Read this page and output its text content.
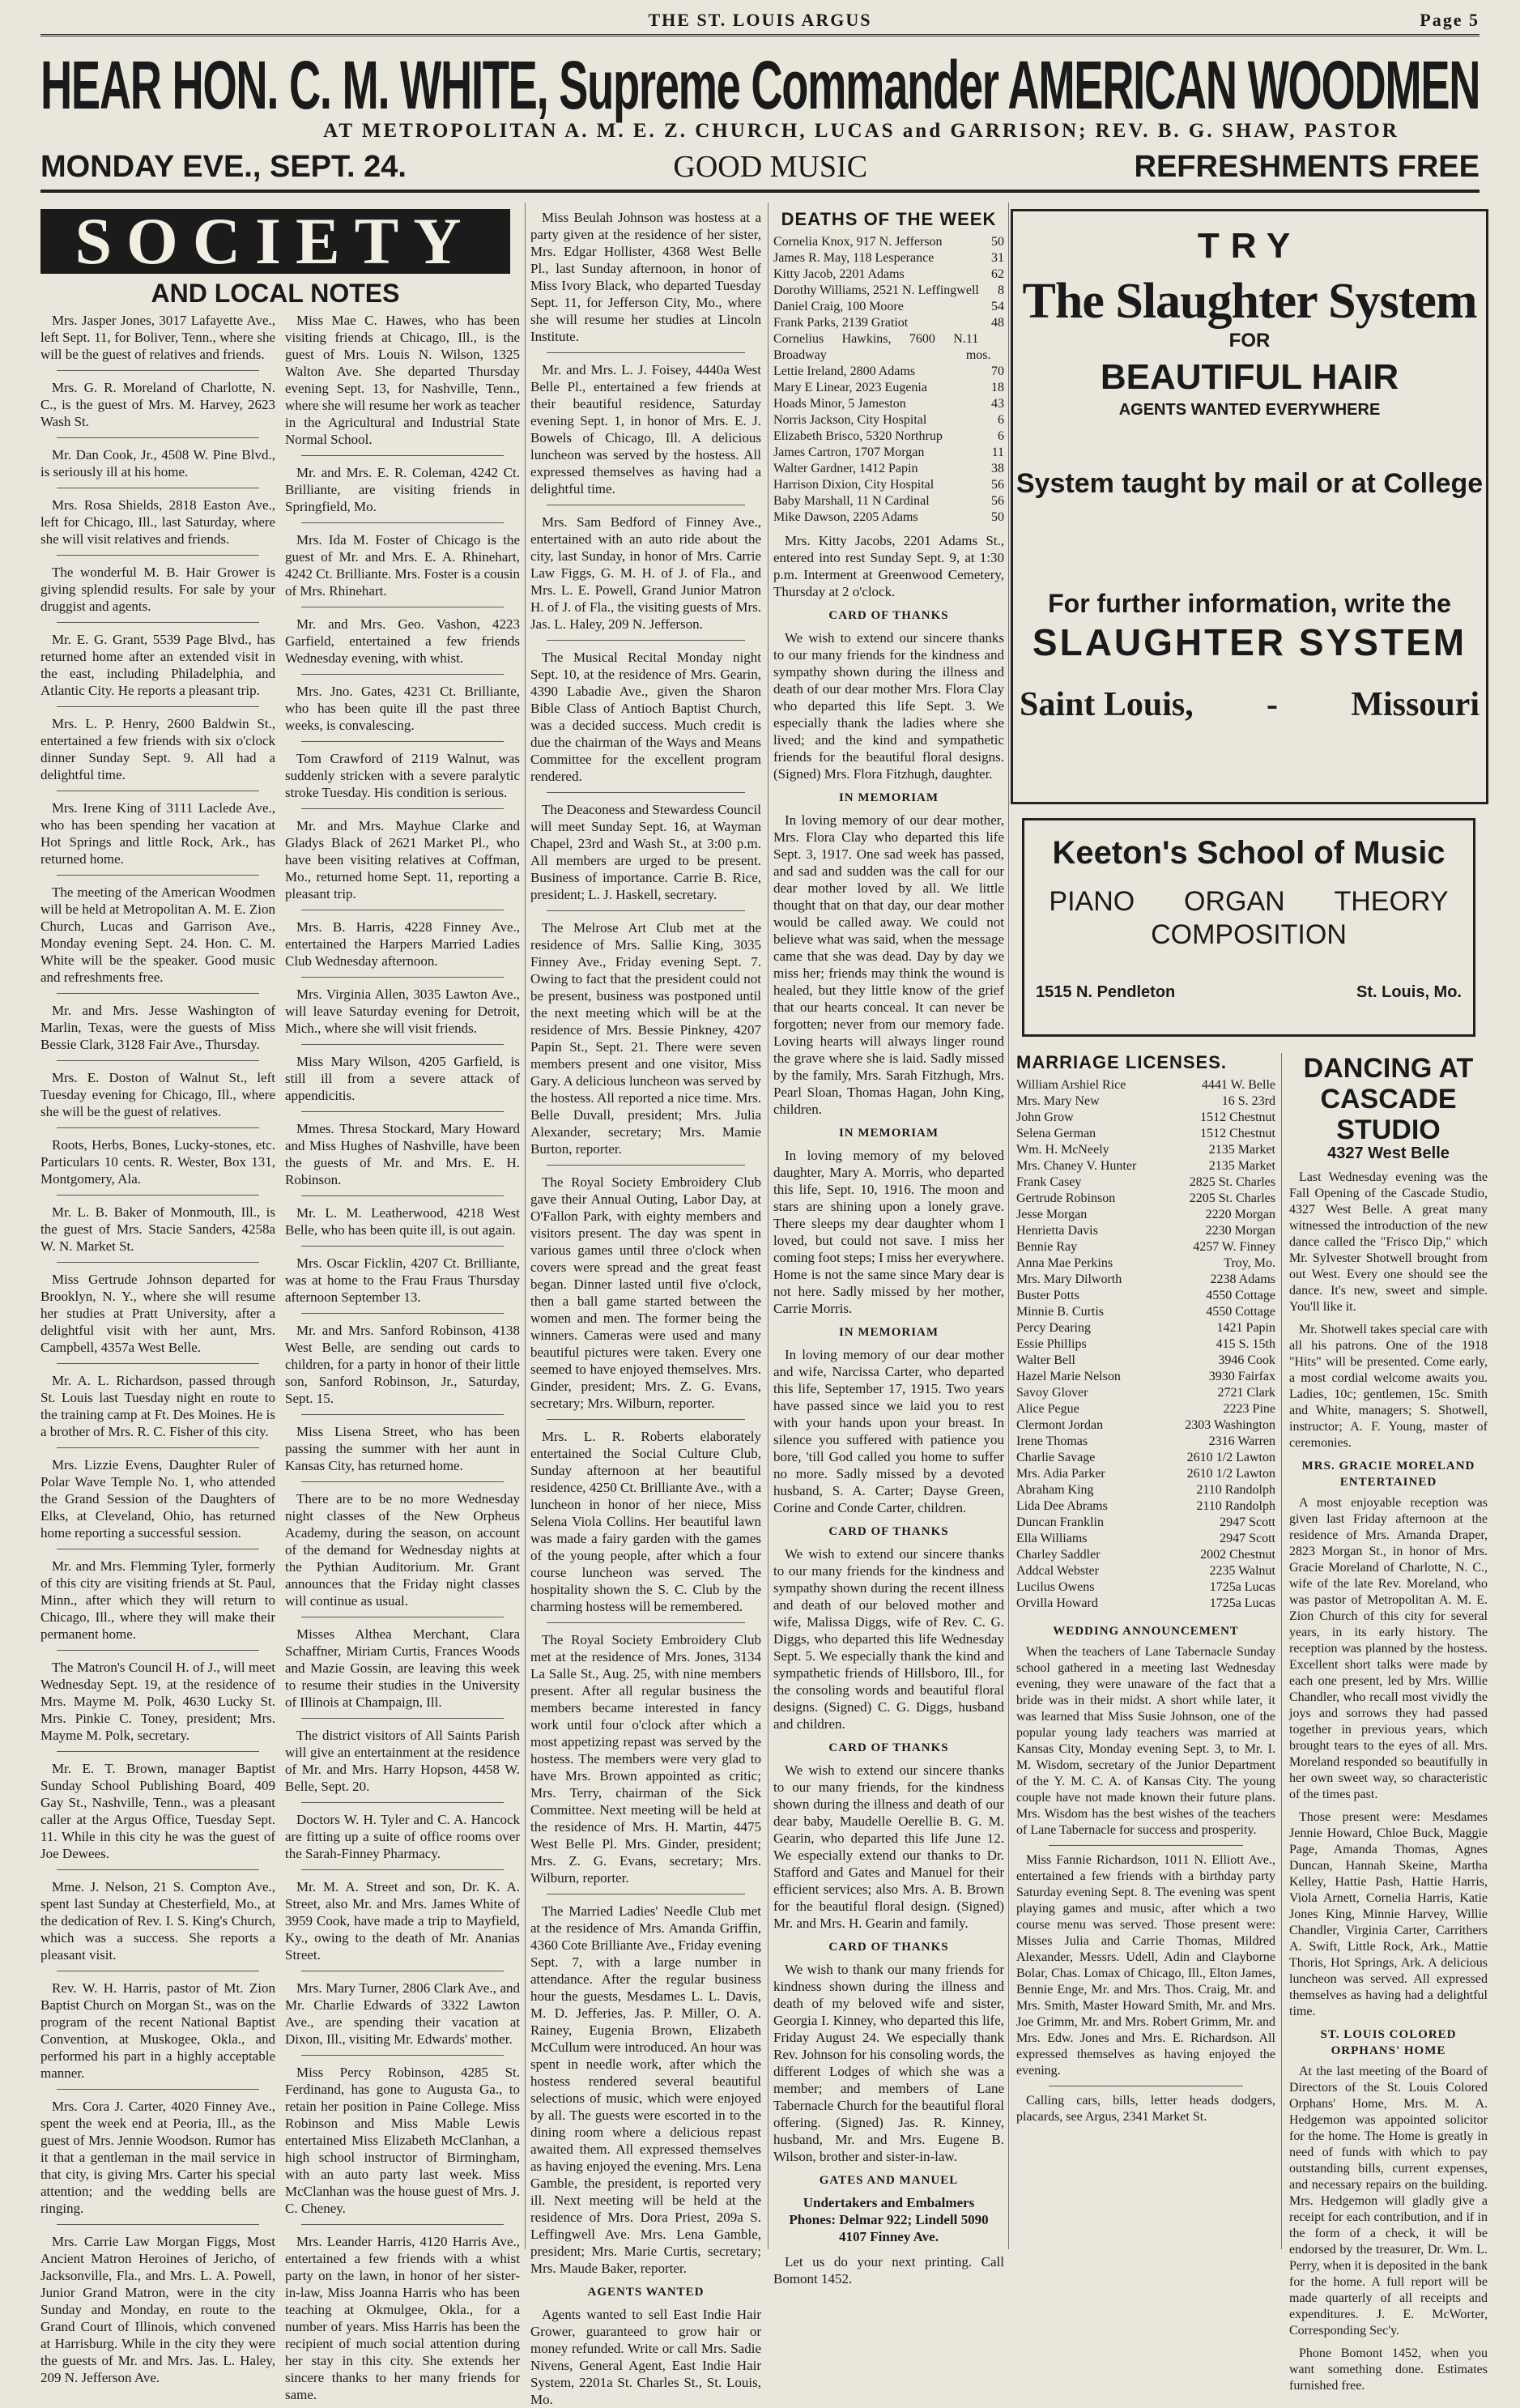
THE ST. LOUIS ARGUS	Page 5
HEAR HON. C. M. WHITE, Supreme Commander AMERICAN WOODMEN
AT METROPOLITAN A. M. E. Z. CHURCH, LUCAS and GARRISON; REV. B. G. SHAW, PASTOR
MONDAY EVE., SEPT. 24.	GOOD MUSIC	REFRESHMENTS FREE
SOCIETY
AND LOCAL NOTES

Mrs. Jasper Jones, 3017 Lafayette Ave., left Sept. 11, for Boliver, Tenn., where she will be the guest of relatives and friends.

Mrs. G. R. Moreland of Charlotte, N. C., is the guest of Mrs. M. Harvey, 2623 Wash St.

Mr. Dan Cook, Jr., 4508 W. Pine Blvd., is seriously ill at his home.

Mrs. Rosa Shields, 2818 Easton Ave., left for Chicago, Ill., last Saturday, where she will visit relatives and friends.

The wonderful M. B. Hair Grower is giving splendid results. For sale by your druggist and agents.

Mr. E. G. Grant, 5539 Page Blvd., has returned home after an extended visit in the east, including Philadelphia, and Atlantic City. He reports a pleasant trip.

Mrs. L. P. Henry, 2600 Baldwin St., entertained a few friends with six o'clock dinner Sunday Sept. 9. All had a delightful time.

Mrs. Irene King of 3111 Laclede Ave., who has been spending her vacation at Hot Springs and little Rock, Ark., has returned home.

The meeting of the American Woodmen will be held at Metropolitan A. M. E. Zion Church, Lucas and Garrison Ave., Monday evening Sept. 24. Hon. C. M. White will be the speaker. Good music and refreshments free.

Mr. and Mrs. Jesse Washington of Marlin, Texas, were the guests of Miss Bessie Clark, 3128 Fair Ave., Thursday.

Mrs. E. Doston of Walnut St., left Tuesday evening for Chicago, Ill., where she will be the guest of relatives.

Roots, Herbs, Bones, Lucky-stones, etc. Particulars 10 cents. R. Wester, Box 131, Montgomery, Ala.

Mr. L. B. Baker of Monmouth, Ill., is the guest of Mrs. Stacie Sanders, 4258a W. N. Market St.

Miss Gertrude Johnson departed for Brooklyn, N. Y., where she will resume her studies at Pratt University, after a delightful visit with her aunt, Mrs. Campbell, 4357a West Belle.

Mr. A. L. Richardson, passed through St. Louis last Tuesday night en route to the training camp at Ft. Des Moines. He is a brother of Mrs. R. C. Fisher of this city.

Mrs. Lizzie Evens, Daughter Ruler of Polar Wave Temple No. 1, who attended the Grand Session of the Daughters of Elks, at Cleveland, Ohio, has returned home reporting a successful session.

Mr. and Mrs. Flemming Tyler, formerly of this city are visiting friends at St. Paul, Minn., after which they will return to Chicago, Ill., where they will make their permanent home.

The Matron's Council H. of J., will meet Wednesday Sept. 19, at the residence of Mrs. Mayme M. Polk, 4630 Lucky St. Mrs. Pinkie C. Toney, president; Mrs. Mayme M. Polk, secretary.

Mr. E. T. Brown, manager Baptist Sunday School Publishing Board, 409 Gay St., Nashville, Tenn., was a pleasant caller at the Argus Office, Tuesday Sept. 11. While in this city he was the guest of Joe Dewees.

Mme. J. Nelson, 21 S. Compton Ave., spent last Sunday at Chesterfield, Mo., at the dedication of Rev. I. S. King's Church, which was a success. She reports a pleasant visit.

Rev. W. H. Harris, pastor of Mt. Zion Baptist Church on Morgan St., was on the program of the recent National Baptist Convention, at Muskogee, Okla., and performed his part in a highly acceptable manner.

Mrs. Cora J. Carter, 4020 Finney Ave., spent the week end at Peoria, Ill., as the guest of Mrs. Jennie Woodson. Rumor has it that a gentleman in the mail service in that city, is giving Mrs. Carter his special attention; and the wedding bells are ringing.

Mrs. Carrie Law Morgan Figgs, Most Ancient Matron Heroines of Jericho, of Jacksonville, Fla., and Mrs. L. A. Powell, Junior Grand Matron, were in the city Sunday and Monday, en route to the Grand Court of Illinois, which convened at Harrisburg. While in the city they were the guests of Mr. and Mrs. Jas. L. Haley, 209 N. Jefferson Ave.

Miss Mae C. Hawes, who has been visiting friends at Chicago, Ill., is the guest of Mrs. Louis N. Wilson, 1325 Walton Ave. She departed Thursday evening Sept. 13, for Nashville, Tenn., where she will resume her work as teacher in the Agricultural and Industrial State Normal School.

Mr. and Mrs. E. R. Coleman, 4242 Ct. Brilliante, are visiting friends in Springfield, Mo.

Mrs. Ida M. Foster of Chicago is the guest of Mr. and Mrs. E. A. Rhinehart, 4242 Ct. Brilliante. Mrs. Foster is a cousin of Mrs. Rhinehart.

Mr. and Mrs. Geo. Vashon, 4223 Garfield, entertained a few friends Wednesday evening, with whist.

Mrs. Jno. Gates, 4231 Ct. Brilliante, who has been quite ill the past three weeks, is convalescing.

Tom Crawford of 2119 Walnut, was suddenly stricken with a severe paralytic stroke Tuesday. His condition is serious.

Mr. and Mrs. Mayhue Clarke and Gladys Black of 2621 Market Pl., who have been visiting relatives at Coffman, Mo., returned home Sept. 11, reporting a pleasant trip.

Mrs. B. Harris, 4228 Finney Ave., entertained the Harpers Married Ladies Club Wednesday afternoon.

Mrs. Virginia Allen, 3035 Lawton Ave., will leave Saturday evening for Detroit, Mich., where she will visit friends.

Miss Mary Wilson, 4205 Garfield, is still ill from a severe attack of appendicitis.

Mmes. Thresa Stockard, Mary Howard and Miss Hughes of Nashville, have been the guests of Mr. and Mrs. E. H. Robinson.

Mr. L. M. Leatherwood, 4218 West Belle, who has been quite ill, is out again.

Mrs. Oscar Ficklin, 4207 Ct. Brilliante, was at home to the Frau Fraus Thursday afternoon September 13.

Mr. and Mrs. Sanford Robinson, 4138 West Belle, are sending out cards to children, for a party in honor of their little son, Sanford Robinson, Jr., Saturday, Sept. 15.

Miss Lisena Street, who has been passing the summer with her aunt in Kansas City, has returned home.

There are to be no more Wednesday night classes of the New Orpheus Academy, during the season, on account of the demand for Wednesday nights at the Pythian Auditorium. Mr. Grant announces that the Friday night classes will continue as usual.

Misses Althea Merchant, Clara Schaffner, Miriam Curtis, Frances Woods and Mazie Gossin, are leaving this week to resume their studies in the University of Illinois at Champaign, Ill.

The district visitors of All Saints Parish will give an entertainment at the residence of Mr. and Mrs. Harry Hopson, 4458 W. Belle, Sept. 20.

Doctors W. H. Tyler and C. A. Hancock are fitting up a suite of office rooms over the Sarah-Finney Pharmacy.

Mr. M. A. Street and son, Dr. K. A. Street, also Mr. and Mrs. James White of 3959 Cook, have made a trip to Mayfield, Ky., owing to the death of Mr. Ananias Street.

Mrs. Mary Turner, 2806 Clark Ave., and Mr. Charlie Edwards of 3322 Lawton Ave., are spending their vacation at Dixon, Ill., visiting Mr. Edwards' mother.

Miss Percy Robinson, 4285 St. Ferdinand, has gone to Augusta Ga., to retain her position in Paine College. Miss Robinson and Miss Mable Lewis entertained Miss Elizabeth McClanhan, a high school instructor of Birmingham, with an auto party last week. Miss McClanhan was the house guest of Mrs. J. C. Cheney.

Mrs. Leander Harris, 4120 Harris Ave., entertained a few friends with a whist party on the lawn, in honor of her sister-in-law, Miss Joanna Harris who has been teaching at Okmulgee, Okla., for a number of years. Miss Harris has been the recipient of much social attention during her stay in this city. She extends her sincere thanks to her many friends for same.

Miss Beulah Johnson was hostess at a party given at the residence of her sister, Mrs. Edgar Hollister, 4368 West Belle Pl., last Sunday afternoon, in honor of Miss Ivory Black, who departed Tuesday Sept. 11, for Jefferson City, Mo., where she will resume her studies at Lincoln Institute.

Mr. and Mrs. L. J. Foisey, 4440a West Belle Pl., entertained a few friends at their beautiful residence, Saturday evening Sept. 1, in honor of Mrs. E. J. Bowels of Chicago, Ill. A delicious luncheon was served by the hostess. All expressed themselves as having had a delightful time.

Mrs. Sam Bedford of Finney Ave., entertained with an auto ride about the city, last Sunday, in honor of Mrs. Carrie Law Figgs, G. M. H. of J. of Fla., and Mrs. L. E. Powell, Grand Junior Matron H. of J. of Fla., the visiting guests of Mrs. Jas. L. Haley, 209 N. Jefferson.

The Musical Recital Monday night Sept. 10, at the residence of Mrs. Gearin, 4390 Labadie Ave., given the Sharon Bible Class of Antioch Baptist Church, was a decided success. Much credit is due the chairman of the Ways and Means Committee for the excellent program rendered.

The Deaconess and Stewardess Council will meet Sunday Sept. 16, at Wayman Chapel, 23rd and Wash St., at 3:00 p.m. All members are urged to be present. Business of importance. Carrie B. Rice, president; L. J. Haskell, secretary.

The Melrose Art Club met at the residence of Mrs. Sallie King, 3035 Finney Ave., Friday evening Sept. 7. Owing to fact that the president could not be present, business was postponed until the next meeting which will be at the residence of Mrs. Bessie Pinkney, 4207 Papin St., Sept. 21. There were seven members present and one visitor, Miss Gary. A delicious luncheon was served by the hostess. All reported a nice time. Mrs. Belle Duvall, president; Mrs. Julia Alexander, secretary; Mrs. Mamie Burton, reporter.

The Royal Society Embroidery Club gave their Annual Outing, Labor Day, at O'Fallon Park, with eighty members and visitors present. The day was spent in various games until three o'clock when covers were spread and the great feast began. Dinner lasted until five o'clock, then a ball game started between the women and men. The former being the winners. Cameras were used and many beautiful pictures were taken. Every one seemed to have enjoyed themselves. Mrs. Ginder, president; Mrs. Z. G. Evans, secretary; Mrs. Wilburn, reporter.

Mrs. L. R. Roberts elaborately entertained the Social Culture Club, Sunday afternoon at her beautiful residence, 4250 Ct. Brilliante Ave., with a luncheon in honor of her niece, Miss Selena Viola Collins. Her beautiful lawn was made a fairy garden with the games of the young people, after which a four course luncheon was served. The hospitality shown the S. C. Club by the charming hostess will be remembered.

The Royal Society Embroidery Club met at the residence of Mrs. Jones, 3134 La Salle St., Aug. 25, with nine members present. After all regular business the members became interested in fancy work until four o'clock after which a most appetizing repast was served by the hostess. The members were very glad to have Mrs. Brown appointed as critic; Mrs. Terry, chairman of the Sick Committee. Next meeting will be held at the residence of Mrs. H. Martin, 4475 West Belle Pl. Mrs. Ginder, president; Mrs. Z. G. Evans, secretary; Mrs. Wilburn, reporter.

The Married Ladies' Needle Club met at the residence of Mrs. Amanda Griffin, 4360 Cote Brilliante Ave., Friday evening Sept. 7, with a large number in attendance. After the regular business hour the guests, Mesdames L. L. Davis, M. D. Jefferies, Jas. P. Miller, O. A. Rainey, Eugenia Brown, Elizabeth McCullum were introduced. An hour was spent in needle work, after which the hostess rendered several beautiful selections of music, which were enjoyed by all. The guests were escorted in to the dining room where a delicious repast awaited them. All expressed themselves as having enjoyed the evening. Mrs. Lena Gamble, the president, is reported very ill. Next meeting will be held at the residence of Mrs. Dora Priest, 209a S. Leffingwell Ave. Mrs. Lena Gamble, president; Mrs. Marie Curtis, secretary; Mrs. Maude Baker, reporter.

AGENTS WANTED

Agents wanted to sell East Indie Hair Grower, guaranteed to grow hair or money refunded. Write or call Mrs. Sadie Nivens, General Agent, East Indie Hair System, 2201a St. Charles St., St. Louis, Mo.

DEATHS OF THE WEEK
Cornelia Knox, 917 N. Jefferson	50
James R. May, 118 Lesperance	31
Kitty Jacob, 2201 Adams	62
Dorothy Williams, 2521 N. Leffingwell 8
Daniel Craig, 100 Moore	54
Frank Parks, 2139 Gratiot	48
Cornelius Hawkins, 7600 N. Broadway
11 mos.
Lettie Ireland, 2800 Adams	70
Mary E Linear, 2023 Eugenia	18
Hoads Minor, 5 Jameston	43
Norris Jackson, City Hospital	6
Elizabeth Brisco, 5320 Northrup	6
James Cartron, 1707 Morgan	11
Walter Gardner, 1412 Papin	38
Harrison Dixion, City Hospital	56
Baby Marshall, 11 N Cardinal	56
Mike Dawson, 2205 Adams	50

Mrs. Kitty Jacobs, 2201 Adams St., entered into rest Sunday Sept. 9, at 1:30 p.m. Interment at Greenwood Cemetery, Thursday at 2 o'clock.

CARD OF THANKS

We wish to extend our sincere thanks to our many friends for the kindness and sympathy shown during the illness and death of our dear mother Mrs. Flora Clay who departed this life Sept. 3. We especially thank the ladies where she lived; and the kind and sympathetic friends for the beautiful floral designs. (Signed) Mrs. Flora Fitzhugh, daughter.

IN MEMORIAM

In loving memory of our dear mother, Mrs. Flora Clay who departed this life Sept. 3, 1917. One sad week has passed, and sad and sudden was the call for our dear mother loved by all. We little thought that on that day, our dear mother would be called away. We could not believe what was said, when the message came that she was dead. Day by day we miss her; friends may think the wound is healed, but they little know of the grief that our hearts conceal. It can never be forgotten; never from our memory fade. Loving hearts will always linger round the grave where she is laid. Sadly missed by the family, Mrs. Sarah Fitzhugh, Mrs. Pearl Sloan, Thomas Hagan, John King, children.

IN MEMORIAM

In loving memory of my beloved daughter, Mary A. Morris, who departed this life, Sept. 10, 1916. The moon and stars are shining upon a lonely grave. There sleeps my dear daughter whom I loved, but could not save. I miss her coming foot steps; I miss her everywhere. Home is not the same since Mary dear is not here. Sadly missed by her mother, Carrie Morris.

IN MEMORIAM

In loving memory of our dear mother and wife, Narcissa Carter, who departed this life, September 17, 1915. Two years have passed since we laid you to rest with your hands upon your breast. In silence you suffered with patience you bore, 'till God called you home to suffer no more. Sadly missed by a devoted husband, S. A. Carter; Dayse Green, Corine and Conde Carter, children.

CARD OF THANKS

We wish to extend our sincere thanks to our many friends for the kindness and sympathy shown during the recent illness and death of our beloved mother and wife, Malissa Diggs, wife of Rev. C. G. Diggs, who departed this life Wednesday Sept. 5. We especially thank the kind and sympathetic friends of Hillsboro, Ill., for the consoling words and beautiful floral designs. (Signed) C. G. Diggs, husband and children.

CARD OF THANKS

We wish to extend our sincere thanks to our many friends, for the kindness shown during the illness and death of our dear baby, Maudelle Oerellie B. G. M. Gearin, who departed this life June 12. We especially extend our thanks to Dr. Stafford and Gates and Manuel for their efficient services; also Mrs. A. B. Brown for the beautiful floral design. (Signed) Mr. and Mrs. H. Gearin and family.

CARD OF THANKS

We wish to thank our many friends for kindness shown during the illness and death of my beloved wife and sister, Georgia I. Kinney, who departed this life, Friday August 24. We especially thank Rev. Johnson for his consoling words, the different Lodges of which she was a member; and members of Lane Tabernacle Church for the beautiful floral offering. (Signed) Jas. R. Kinney, husband, Mr. and Mrs. Eugene B. Wilson, brother and sister-in-law.

GATES AND MANUEL
Undertakers and Embalmers
Phones: Delmar 922; Lindell 5090
4107 Finney Ave.

Let us do your next printing. Call Bomont 1452.

TRY
The Slaughter System
FOR
BEAUTIFUL HAIR
AGENTS WANTED EVERYWHERE
System taught by mail or at College
For further information, write the
SLAUGHTER SYSTEM
Saint Louis, - Missouri
Keeton's School of Music
PIANO ORGAN THEORY
COMPOSITION
1515 N. Pendleton	St. Louis, Mo.
MARRIAGE LICENSES.
William Arshiel Rice	4441 W. Belle
Mrs. Mary New	16 S. 23rd
John Grow	1512 Chestnut
Selena German	1512 Chestnut
Wm. H. McNeely	2135 Market
Mrs. Chaney V. Hunter	2135 Market
Frank Casey	2825 St. Charles
Gertrude Robinson	2205 St. Charles
Jesse Morgan	2220 Morgan
Henrietta Davis	2230 Morgan
Bennie Ray	4257 W. Finney
Anna Mae Perkins	Troy, Mo.
Mrs. Mary Dilworth	2238 Adams
Buster Potts	4550 Cottage
Minnie B. Curtis	4550 Cottage
Percy Dearing	1421 Papin
Essie Phillips	415 S. 15th
Walter Bell	3946 Cook
Hazel Marie Nelson	3930 Fairfax
Savoy Glover	2721 Clark
Alice Pegue	2223 Pine
Clermont Jordan	2303 Washington
Irene Thomas	2316 Warren
Charlie Savage	2610 1/2 Lawton
Mrs. Adia Parker	2610 1/2 Lawton
Abraham King	2110 Randolph
Lida Dee Abrams	2110 Randolph
Duncan Franklin	2947 Scott
Ella Williams	2947 Scott
Charley Saddler	2002 Chestnut
Addcal Webster	2235 Walnut
Lucilus Owens	1725a Lucas
Orvilla Howard	1725a Lucas
WEDDING ANNOUNCEMENT

When the teachers of Lane Tabernacle Sunday school gathered in a meeting last Wednesday evening, they were unaware of the fact that a bride was in their midst. A short while later, it was learned that Miss Susie Johnson, one of the popular young lady teachers was married at Kansas City, Monday evening Sept. 3, to Mr. I. M. Wisdom, secretary of the Junior Department of the Y. M. C. A. of Kansas City. The young couple have not made known their future plans. Mrs. Wisdom has the best wishes of the teachers of Lane Tabernacle for success and prosperity.

Miss Fannie Richardson, 1011 N. Elliott Ave., entertained a few friends with a birthday party Saturday evening Sept. 8. The evening was spent playing games and music, after which a two course menu was served. Those present were: Misses Julia and Carrie Thomas, Mildred Alexander, Messrs. Udell, Adin and Clayborne Bolar, Chas. Lomax of Chicago, Ill., Elton James, Bennie Enge, Mr. and Mrs. Thos. Craig, Mr. and Mrs. Smith, Master Howard Smith, Mr. and Mrs. Joe Grimm, Mr. and Mrs. Robert Grimm, Mr. and Mrs. Edw. Jones and Mrs. E. Richardson. All expressed themselves as having enjoyed the evening.

Calling cars, bills, letter heads dodgers, placards, see Argus, 2341 Market St.

DANCING AT
CASCADE STUDIO
4327 West Belle

Last Wednesday evening was the Fall Opening of the Cascade Studio, 4327 West Belle. A great many witnessed the introduction of the new dance called the "Frisco Dip," which Mr. Sylvester Shotwell brought from out West. Every one should see the dance. It's new, sweet and simple. You'll like it.

Mr. Shotwell takes special care with all his patrons. One of the 1918 "Hits" will be presented. Come early, a most cordial welcome awaits you. Ladies, 10c; gentlemen, 15c. Smith and White, managers; S. Shotwell, instructor; A. F. Young, master of ceremonies.

MRS. GRACIE MORELAND ENTERTAINED

A most enjoyable reception was given last Friday afternoon at the residence of Mrs. Amanda Draper, 2823 Morgan St., in honor of Mrs. Gracie Moreland of Charlotte, N. C., wife of the late Rev. Moreland, who was pastor of Metropolitan A. M. E. Zion Church of this city for several years, in its early history. The reception was planned by the hostess. Excellent short talks were made by each one present, led by Mrs. Willie Chandler, who recall most vividly the joys and sorrows they had passed together in previous years, which brought tears to the eyes of all. Mrs. Moreland responded so beautifully in her own sweet way, so characteristic of the times past.

Those present were: Mesdames Jennie Howard, Chloe Buck, Maggie Page, Amanda Thomas, Agnes Duncan, Hannah Skeine, Martha Kelley, Hattie Pash, Hattie Harris, Viola Arnett, Cornelia Harris, Katie Jones King, Minnie Harvey, Willie Chandler, Virginia Carter, Carrithers A. Swift, Little Rock, Ark., Mattie Thoris, Hot Springs, Ark. A delicious luncheon was served. All expressed themselves as having had a delightful time.

ST. LOUIS COLORED ORPHANS' HOME

At the last meeting of the Board of Directors of the St. Louis Colored Orphans' Home, Mrs. M. A. Hedgemon was appointed solicitor for the home. The Home is greatly in need of funds with which to pay outstanding bills, current expenses, and necessary repairs on the building. Mrs. Hedgemon will gladly give a receipt for each contribution, and if in the form of a check, it will be endorsed by the treasurer, Dr. Wm. L. Perry, when it is deposited in the bank for the home. A full report will be made quarterly of all receipts and expenditures. J. E. McWorter, Corresponding Sec'y.

Phone Bomont 1452, when you want something done. Estimates furnished free.
